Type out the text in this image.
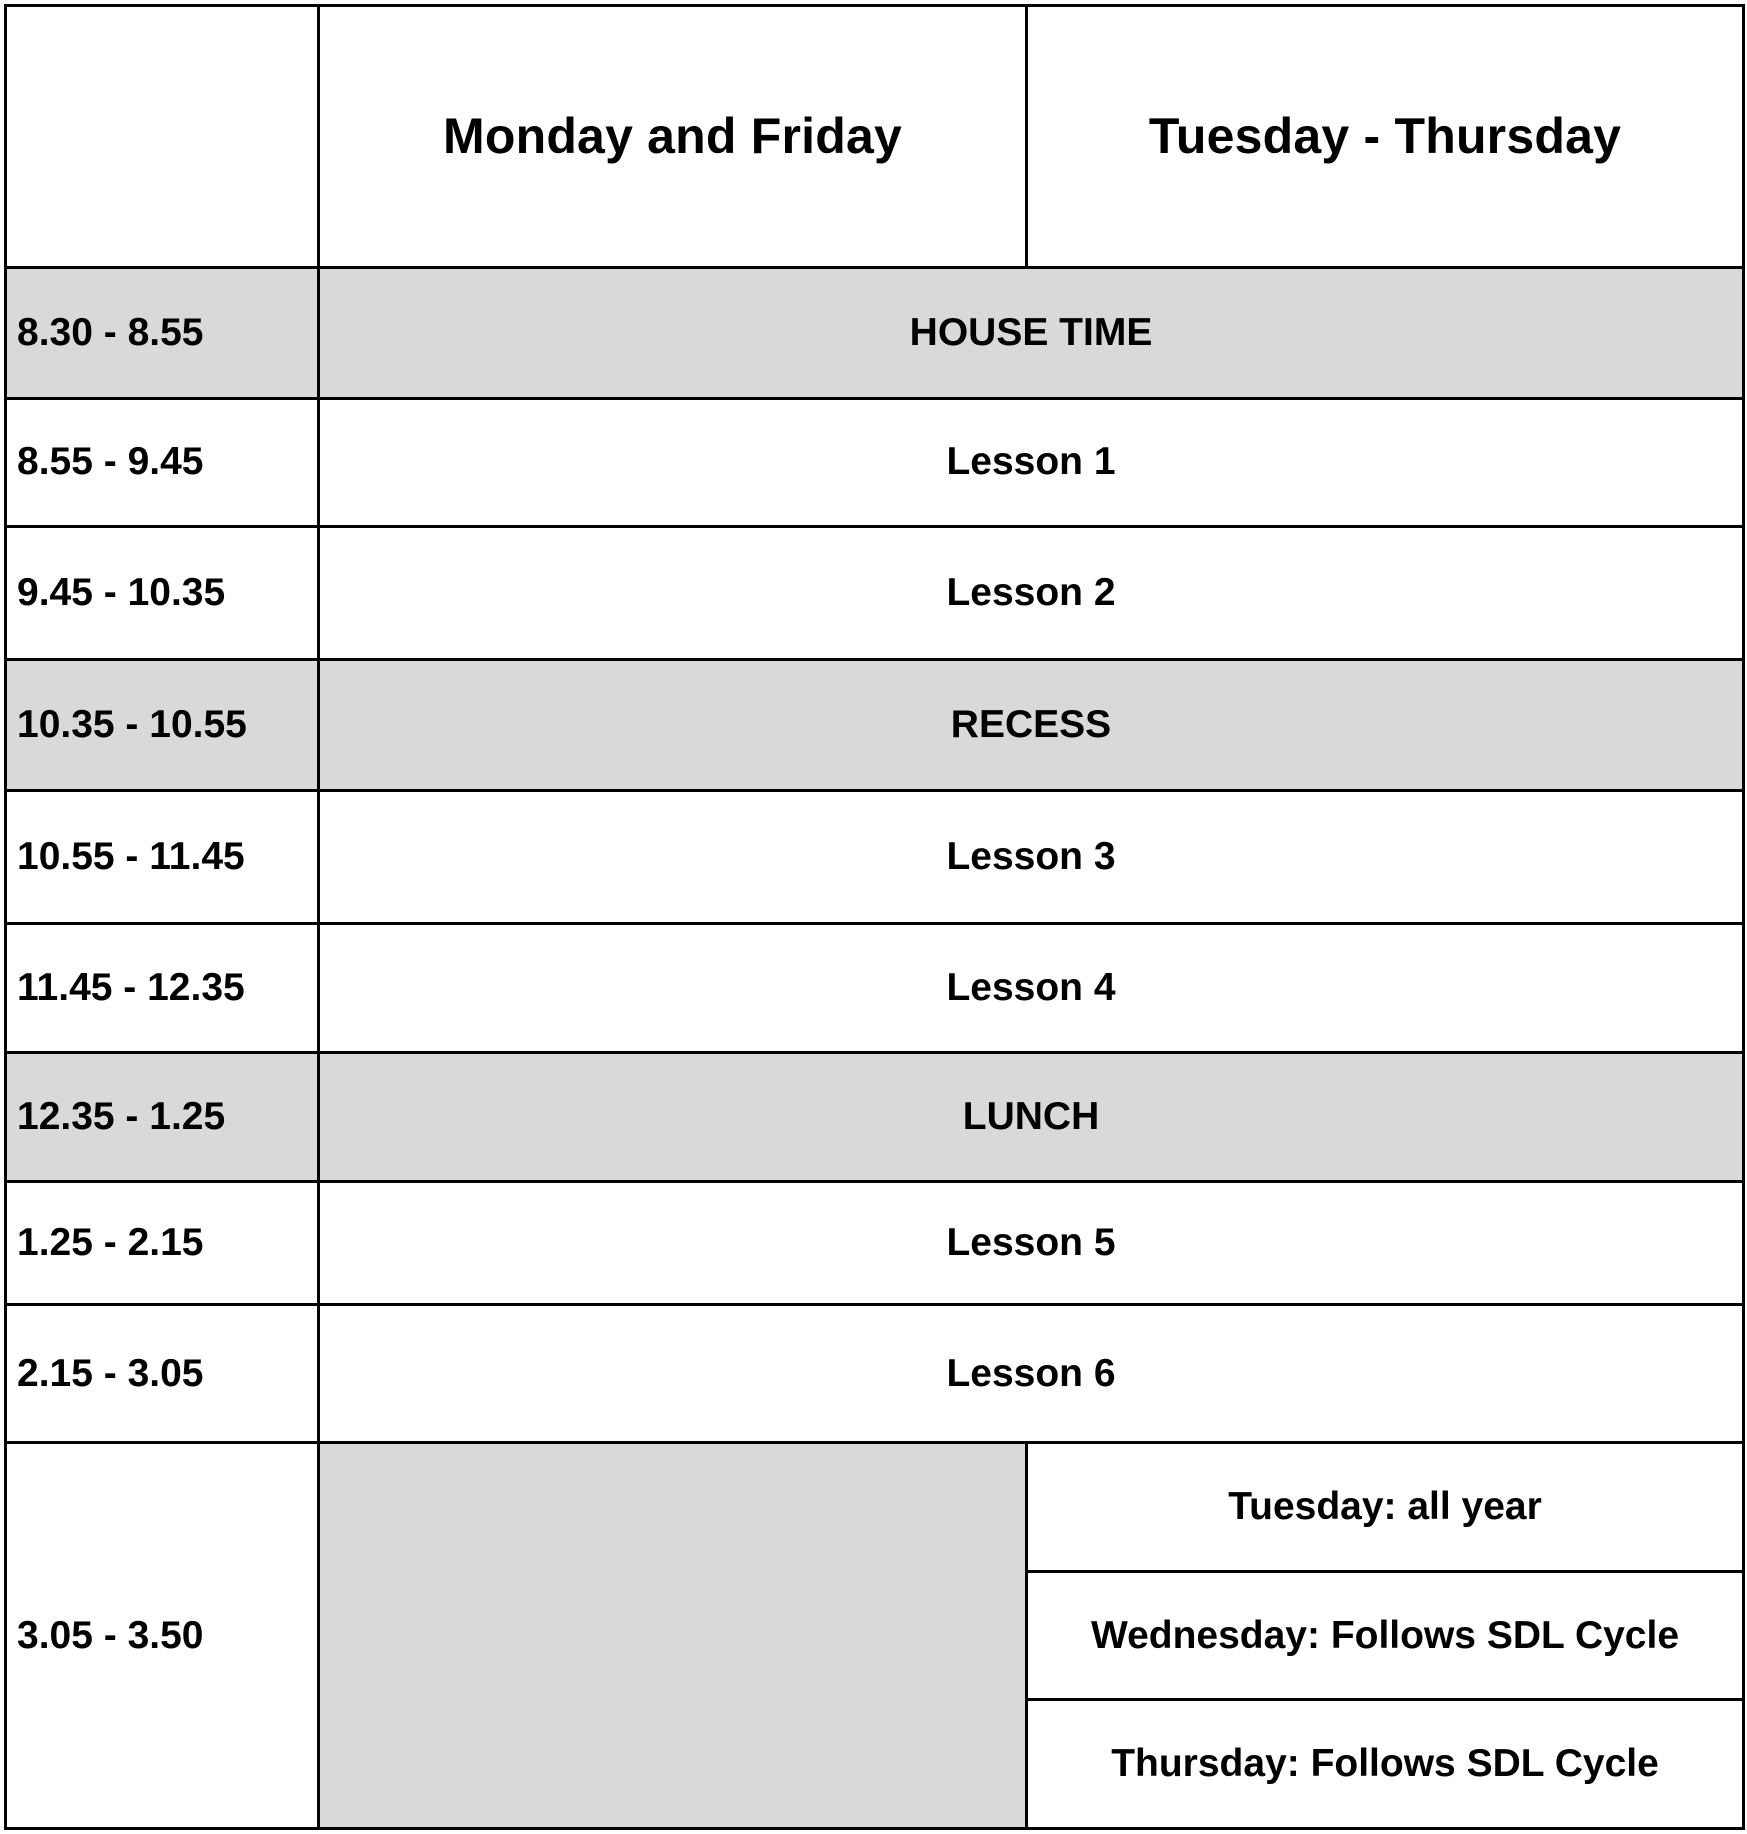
	Monday and Friday	Tuesday - Thursday
8.30 - 8.55	HOUSE TIME	
8.55 - 9.45	Lesson 1	
9.45 - 10.35	Lesson 2	
10.35 - 10.55	RECESS	
10.55 - 11.45	Lesson 3	
11.45 - 12.35	Lesson 4	
12.35 - 1.25	LUNCH	
1.25 - 2.15	Lesson 5	
2.15 - 3.05	Lesson 6	
3.05 - 3.50		Tuesday: all year
		Wednesday: Follows SDL Cycle
		Thursday: Follows SDL Cycle
